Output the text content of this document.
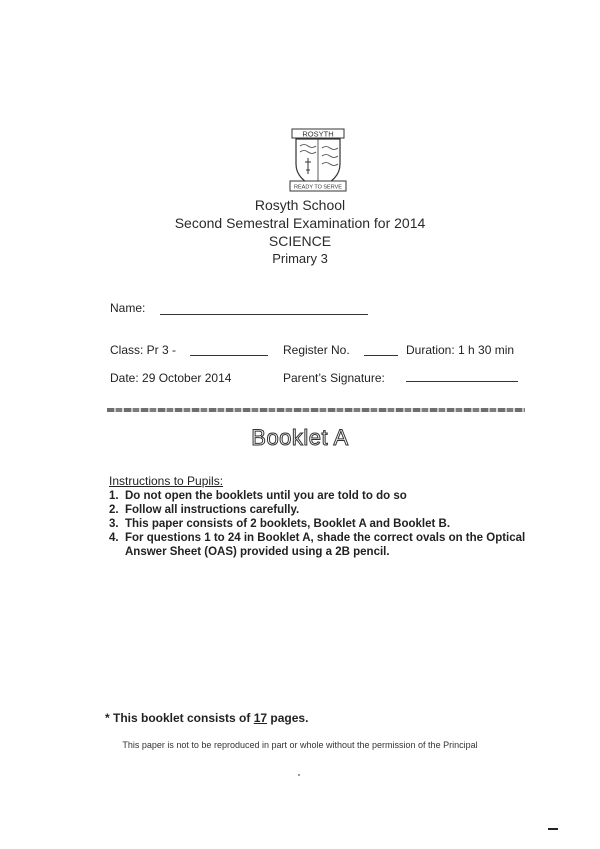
ROSYTH
READY TO SERVE
Rosyth School
Second Semestral Examination for 2014
SCIENCE
Primary 3
Name:
Class: Pr 3 -	Register No.	Duration: 1 h 30 min
Date: 29 October 2014	Parent’s Signature:
Booklet A
Instructions to Pupils:
1. Do not open the booklets until you are told to do so
2. Follow all instructions carefully.
3. This paper consists of 2 booklets, Booklet A and Booklet B.
4. For questions 1 to 24 in Booklet A, shade the correct ovals on the Optical Answer Sheet (OAS) provided using a 2B pencil.
* This booklet consists of 17 pages.
This paper is not to be reproduced in part or whole without the permission of the Principal
